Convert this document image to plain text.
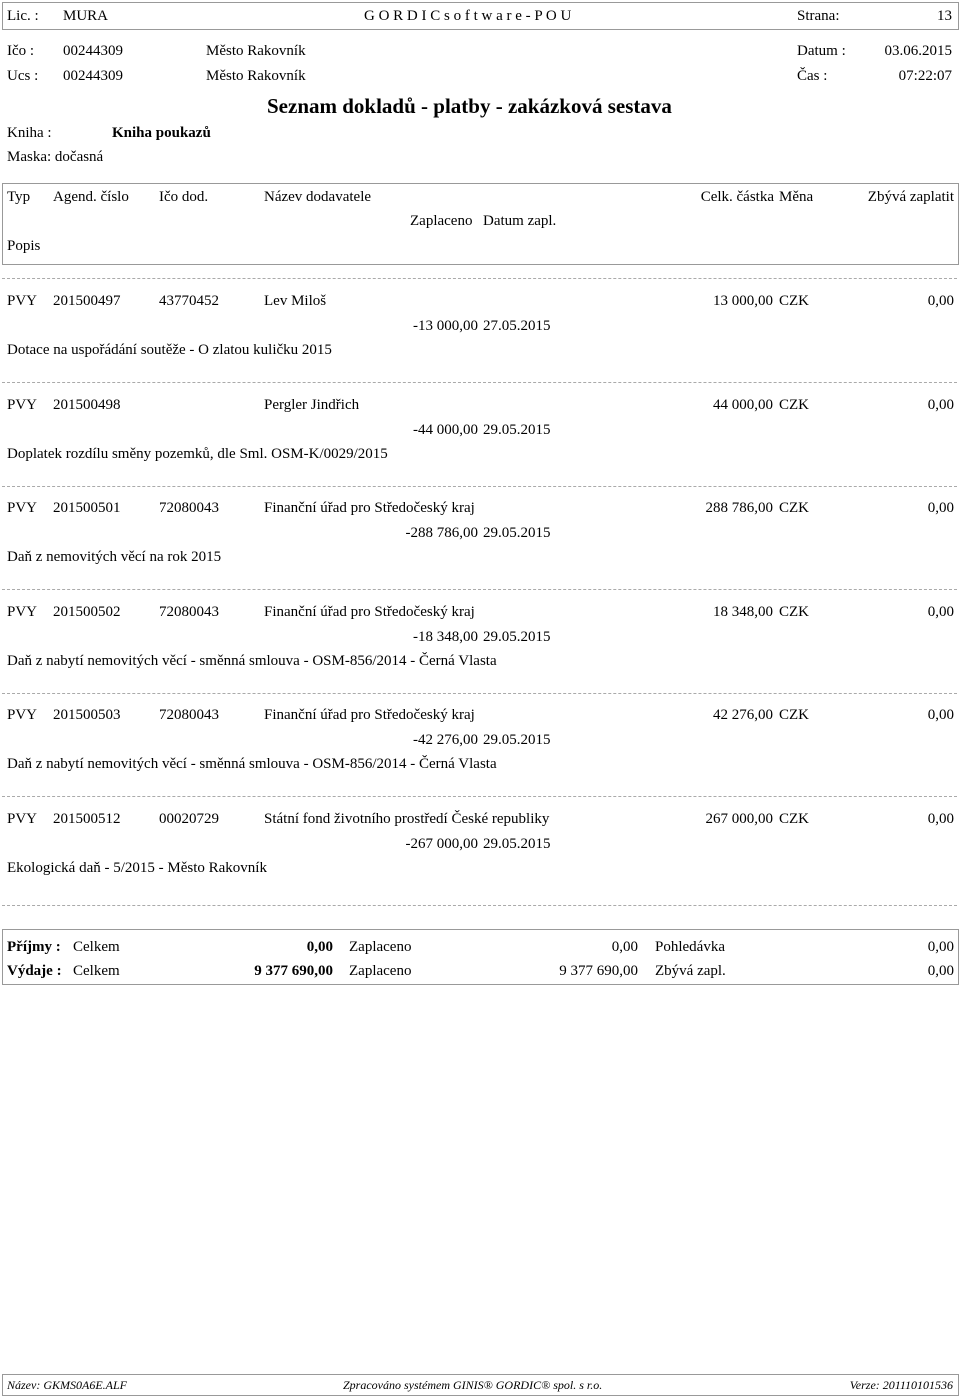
Lic. : MURA	G O R D I C s o f t w a r e - P O U	Strana:	13
Ičo : 00244309	Město Rakovník	Datum :	03.06.2015
Ucs : 00244309	Město Rakovník	Čas :	07:22:07
Seznam dokladů - platby - zakázková sestava
Kniha :	Kniha poukazů
Maska: dočasná
Typ Agend. číslo Ičo dod.	Název dodavatele	Celk. částka Měna	Zbývá zaplatit
Zaplaceno Datum zapl.
Popis
PVY 201500497	43770452	Lev Miloš	13 000,00 CZK	0,00
-13 000,00 27.05.2015
Dotace na uspořádání soutěže - O zlatou kuličku 2015
PVY 201500498	Pergler Jindřich	44 000,00 CZK	0,00
-44 000,00 29.05.2015
Doplatek rozdílu směny pozemků, dle Sml. OSM-K/0029/2015
PVY 201500501	72080043	Finanční úřad pro Středočeský kraj	288 786,00 CZK	0,00
-288 786,00 29.05.2015
Daň z nemovitých věcí na rok 2015
PVY 201500502	72080043	Finanční úřad pro Středočeský kraj	18 348,00 CZK	0,00
-18 348,00 29.05.2015
Daň z nabytí nemovitých věcí - směnná smlouva - OSM-856/2014 - Černá Vlasta
PVY 201500503	72080043	Finanční úřad pro Středočeský kraj	42 276,00 CZK	0,00
-42 276,00 29.05.2015
Daň z nabytí nemovitých věcí - směnná smlouva - OSM-856/2014 - Černá Vlasta
PVY 201500512	00020729	Státní fond životního prostředí České republiky	267 000,00 CZK	0,00
-267 000,00 29.05.2015
Ekologická daň - 5/2015 - Město Rakovník
Příjmy : Celkem	0,00 Zaplaceno	0,00 Pohledávka	0,00
Výdaje : Celkem	9 377 690,00 Zaplaceno	9 377 690,00 Zbývá zapl.	0,00
Název: GKMS0A6E.ALF	Zpracováno systémem GINIS® GORDIC® spol. s r.o.	Verze: 201110101536
